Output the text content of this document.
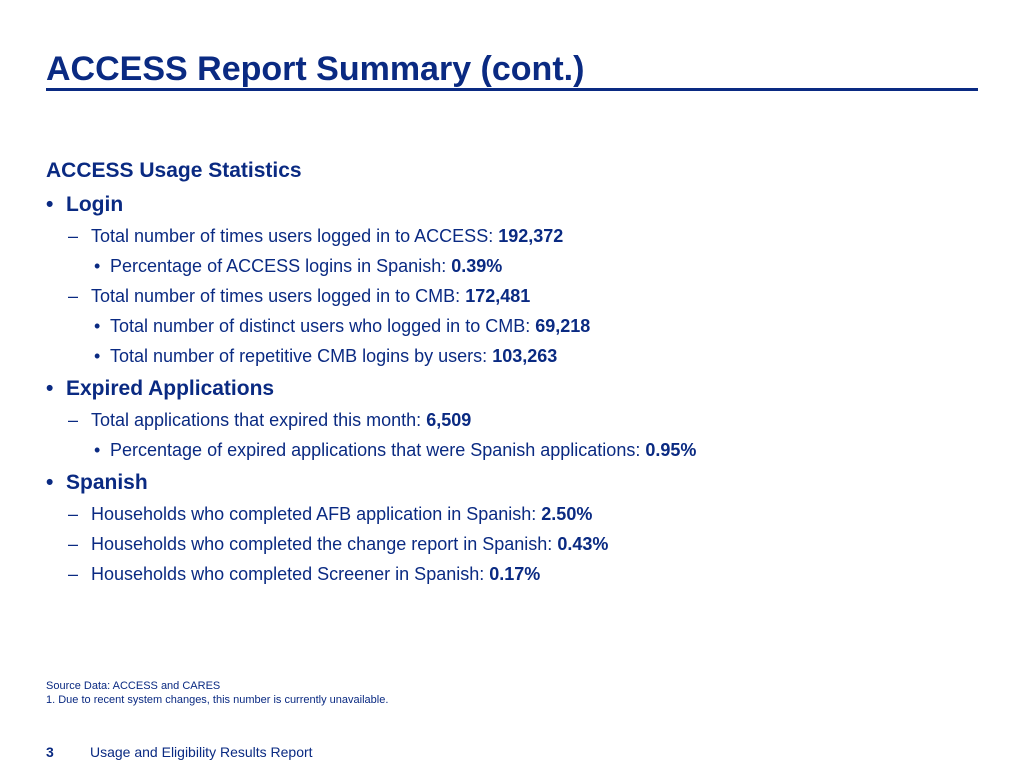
ACCESS Report Summary (cont.)
ACCESS Usage Statistics
• Login
– Total number of times users logged in to ACCESS: 192,372
• Percentage of ACCESS logins in Spanish: 0.39%
– Total number of times users logged in to CMB: 172,481
• Total number of distinct users who logged in to CMB: 69,218
• Total number of repetitive CMB logins by users: 103,263
• Expired Applications
– Total applications that expired this month: 6,509
• Percentage of expired applications that were Spanish applications: 0.95%
• Spanish
– Households who completed AFB application in Spanish: 2.50%
– Households who completed the change report in Spanish: 0.43%
– Households who completed Screener in Spanish: 0.17%
Source Data: ACCESS and CARES
1. Due to recent system changes, this number is currently unavailable.
3	Usage and Eligibility Results Report
